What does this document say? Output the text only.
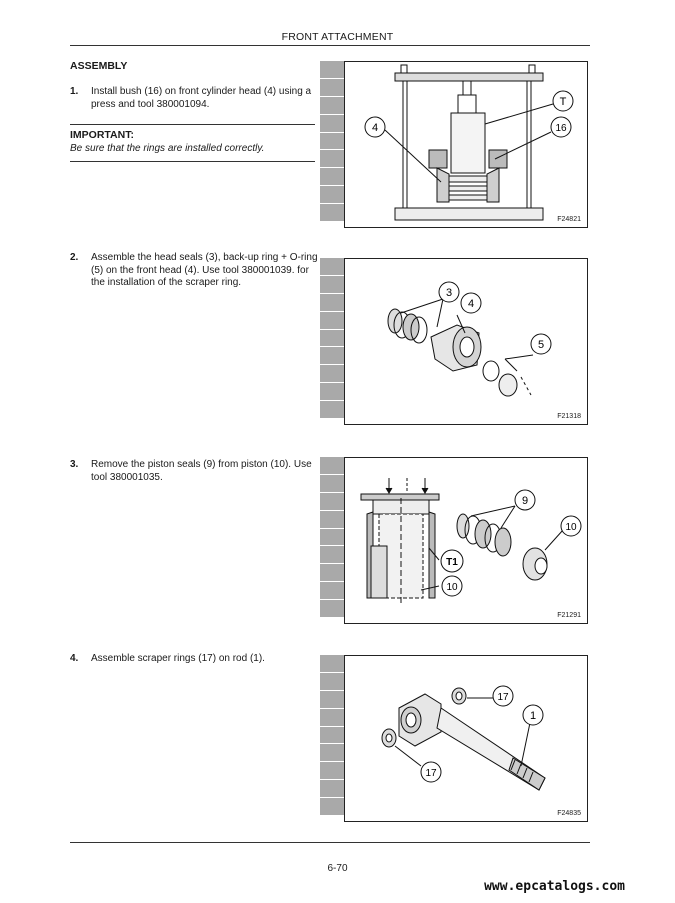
FRONT ATTACHMENT
ASSEMBLY
1. Install bush (16) on front cylinder head (4) using a press and tool 380001094.
IMPORTANT:
Be sure that the rings are installed correctly.
2. Assemble the head seals (3), back-up ring + O-ring (5) on the front head (4). Use tool 380001039. for the installation of the scraper ring.
3. Remove the piston seals (9) from piston (10). Use tool 380001035.
4. Assemble scraper rings (17) on rod (1).
T
4	16
F24821
3
4
5
F21318
9
10
T1
10
F21291
17
1
17
F24835
6-70
www.epcatalogs.com
